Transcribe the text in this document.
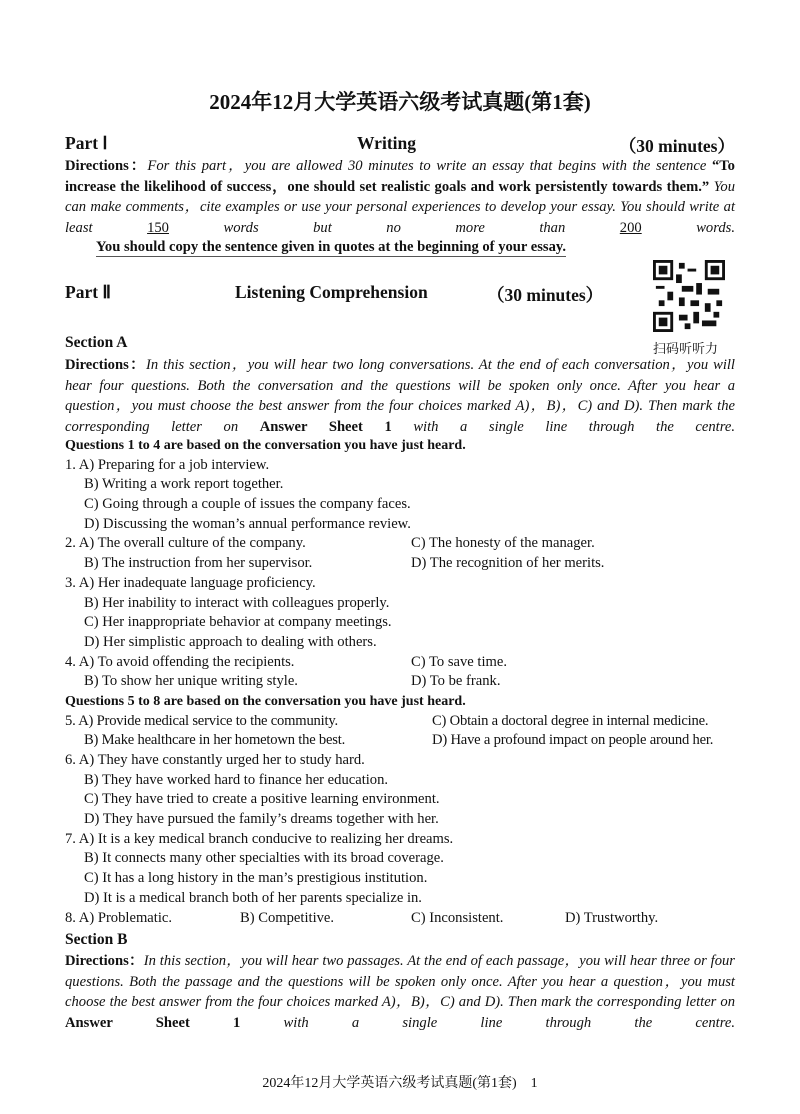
2024年12月大学英语六级考试真题(第1套)
Part Ⅰ	Writing	（30 minutes）
Directions：For this part，you are allowed 30 minutes to write an essay that begins with the sentence “To increase the likelihood of success，one should set realistic goals and work persistently towards them.” You can make comments，cite examples or use your personal experiences to develop your essay. You should write at least 150 words but no more than 200 words.
You should copy the sentence given in quotes at the beginning of your essay.
Part Ⅱ	Listening Comprehension	（30 minutes）
扫码听听力
Section A
Directions：In this section，you will hear two long conversations. At the end of each conversation，you will hear four questions. Both the conversation and the questions will be spoken only once. After you hear a question，you must choose the best answer from the four choices marked A)，B)，C) and D). Then mark the corresponding letter on Answer Sheet 1 with a single line through the centre.
Questions 1 to 4 are based on the conversation you have just heard.
1. A) Preparing for a job interview.
B) Writing a work report together.
C) Going through a couple of issues the company faces.
D) Discussing the woman’s annual performance review.
2. A) The overall culture of the company.	C) The honesty of the manager.
B) The instruction from her supervisor.	D) The recognition of her merits.
3. A) Her inadequate language proficiency.
B) Her inability to interact with colleagues properly.
C) Her inappropriate behavior at company meetings.
D) Her simplistic approach to dealing with others.
4. A) To avoid offending the recipients.	C) To save time.
B) To show her unique writing style.	D) To be frank.
Questions 5 to 8 are based on the conversation you have just heard.
5. A) Provide medical service to the community.	C) Obtain a doctoral degree in internal medicine.
B) Make healthcare in her hometown the best.	D) Have a profound impact on people around her.
6. A) They have constantly urged her to study hard.
B) They have worked hard to finance her education.
C) They have tried to create a positive learning environment.
D) They have pursued the family’s dreams together with her.
7. A) It is a key medical branch conducive to realizing her dreams.
B) It connects many other specialties with its broad coverage.
C) It has a long history in the man’s prestigious institution.
D) It is a medical branch both of her parents specialize in.
8. A) Problematic.	B) Competitive.	C) Inconsistent.	D) Trustworthy.
Section B
Directions：In this section，you will hear two passages. At the end of each passage，you will hear three or four questions. Both the passage and the questions will be spoken only once. After you hear a question，you must choose the best answer from the four choices marked A)，B)，C) and D). Then mark the corresponding letter on Answer Sheet 1 with a single line through the centre.
2024年12月大学英语六级考试真题(第1套)　1
